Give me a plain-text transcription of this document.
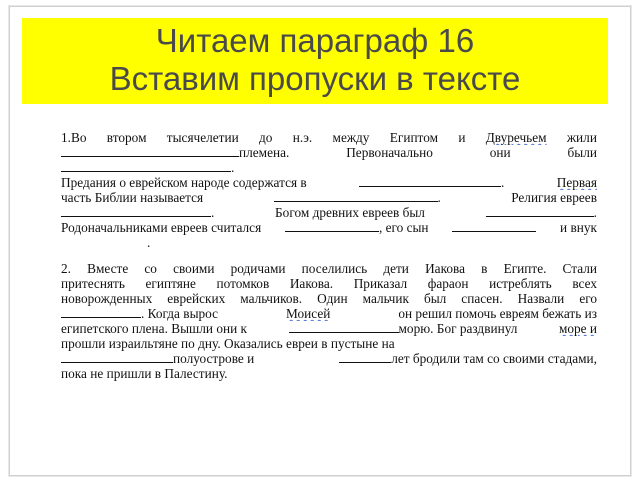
Читаем параграф 16
Вставим пропуски в тексте
1.Во втором тысячелетии до н.э. между Египтом и Двуречьем жили
племена.	Первоначально	они	были
.
Предания о еврейском народе содержатся в	.	Первая
часть Библии называется	.	Религия евреев
.	Богом древних евреев был	.
Родоначальниками евреев считался	, его сын	и внук
.
2. Вместе со своими родичами поселились дети Иакова в Египте. Стали
притеснять египтяне потомков Иакова. Приказал фараон истреблять всех
новорожденных еврейских мальчиков. Один мальчик был спасен. Назвали его
. Когда вырос	Моисей	он решил помочь евреям бежать из
египетского плена. Вышли они к	морю. Бог раздвинул	море и
прошли израильтяне по дну. Оказались евреи в пустыне на
полуострове и	лет бродили там со своими стадами,
пока не пришли в Палестину.
